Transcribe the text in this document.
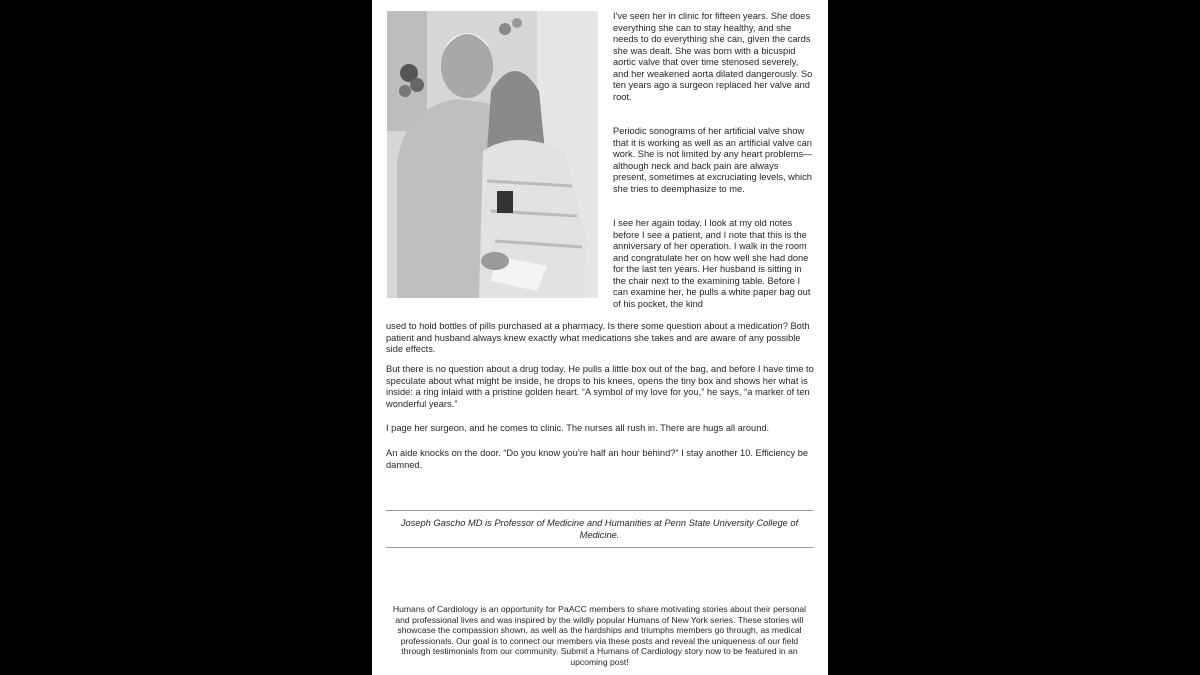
I've seen her in clinic for fifteen years. She does everything she can to stay healthy, and she needs to do everything she can, given the cards she was dealt. She was born with a bicuspid aortic valve that over time stenosed severely, and her weakened aorta dilated dangerously. So ten years ago a surgeon replaced her valve and root.

Periodic sonograms of her artificial valve show that it is working as well as an artificial valve can work. She is not limited by any heart problems—although neck and back pain are always present, sometimes at excruciating levels, which she tries to deemphasize to me.

I see her again today. I look at my old notes before I see a patient, and I note that this is the anniversary of her operation. I walk in the room and congratulate her on how well she had done for the last ten years. Her husband is sitting in the chair next to the examining table. Before I can examine her, he pulls a white paper bag out of his pocket, the kind

used to hold bottles of pills purchased at a pharmacy. Is there some question about a medication? Both patient and husband always knew exactly what medications she takes and are aware of any possible side effects.

But there is no question about a drug today. He pulls a little box out of the bag, and before I have time to speculate about what might be inside, he drops to his knees, opens the tiny box and shows her what is inside: a ring inlaid with a pristine golden heart. “A symbol of my love for you,” he says, “a marker of ten wonderful years.”

I page her surgeon, and he comes to clinic. The nurses all rush in. There are hugs all around.

An aide knocks on the door. “Do you know you’re half an hour behind?” I stay another 10. Efficiency be damned.

Joseph Gascho MD is Professor of Medicine and Humanities at Penn State University College of Medicine.
Humans of Cardiology is an opportunity for PaACC members to share motivating stories about their personal and professional lives and was inspired by the wildly popular Humans of New York series. These stories will showcase the compassion shown, as well as the hardships and triumphs members go through, as medical professionals. Our goal is to connect our members via these posts and reveal the uniqueness of our field through testimonials from our community. Submit a Humans of Cardiology story now to be featured in an upcoming post!
